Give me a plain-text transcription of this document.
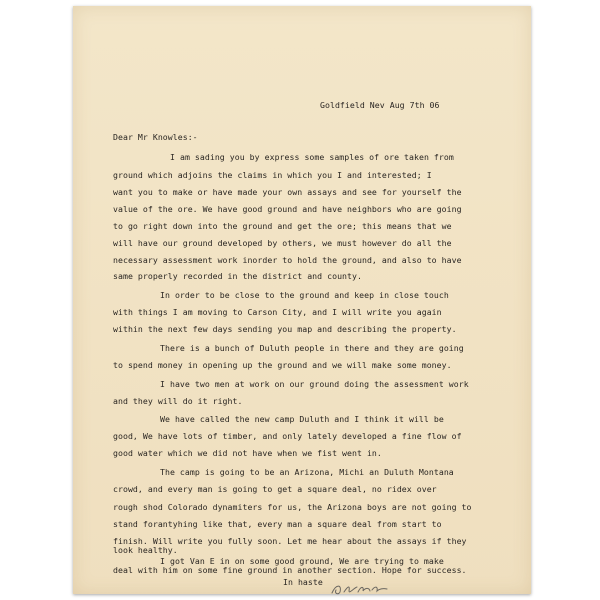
Goldfield Nev Aug 7th 06
Dear Mr Knowles:-
I am sading you by express some samples of ore taken from
ground which adjoins the claims in which you I and interested; I
want you to make or have made your own assays and see for yourself the
value of the ore. We have good ground and have neighbors who are going
to go right down into the ground and get the ore; this means that we
will have our ground developed by others, we must however do all the
necessary assessment work inorder to hold the ground, and also to have
same properly recorded in the district and county.
In order to be close to the ground and keep in close touch
with things I am moving to Carson City, and I will write you again
within the next few days sending you map and describing the property.
There is a bunch of Duluth people in there and they are going
to spend money in opening up the ground and we will make some money.
I have two men at work on our ground doing the assessment work
and they will do it right.
We have called the new camp Duluth and I think it will be
good, We have lots of timber, and only lately developed a fine flow of
good water which we did not have when we fist went in.
The camp is going to be an Arizona, Michi an Duluth Montana
crowd, and every man is going to get a square deal, no ridex over
rough shod Colorado dynamiters for us, the Arizona boys are not going to
stand forantyhing like that, every man a square deal from start to
finish. Will write you fully soon. Let me hear about the assays if they
look healthy.
I got Van E in on some good ground, We are trying to make
deal with him on some fine ground in another section. Hope for success.
In haste
